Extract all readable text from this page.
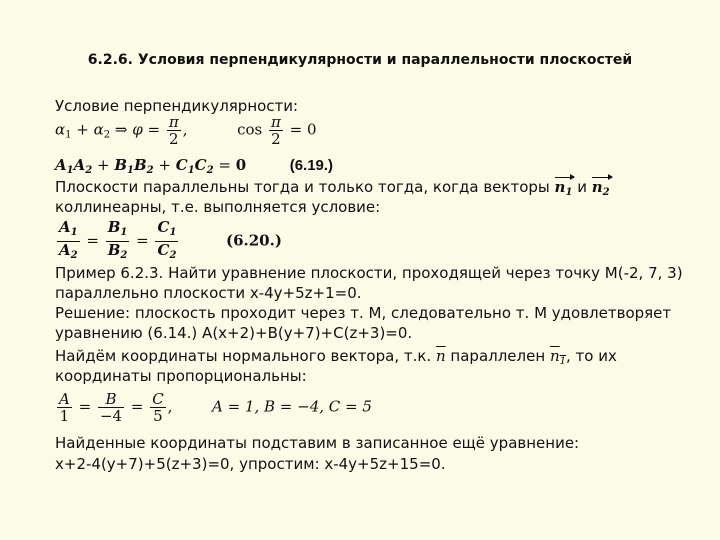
6.2.6. Условия перпендикулярности и параллельности плоскостей
Условие перпендикулярности:
$\alpha_1 + \alpha_2$ ⇒ $\varphi = \frac{\pi}{2}$ ,	$\cos \frac{\pi}{2} = 0$
$A_1A_2 + B_1B_2 + C_1C_2 = 0$	(6.19.)
Плоскости параллельны тогда и только тогда, когда векторы $n_1$ и $n_2$
коллинеарны, т.е. выполняется условие:
$\frac{A_1}{A_2} = \frac{B_1}{B_2} = \frac{C_1}{C_2}$	(6.20.)
Пример 6.2.3. Найти уравнение плоскости, проходящей через точку М(-2, 7, 3)
параллельно плоскости x-4y+5z+1=0.
Решение: плоскость проходит через т. М, следовательно т. М удовлетворяет
уравнению (6.14.) A(x+2)+B(y+7)+C(z+3)=0.
Найдём координаты нормального вектора, т.к. $\overline{n}$ параллелен $n_1$, то их
координаты пропорциональны:
$\frac{A}{1} = \frac{B}{-4} = \frac{C}{5}$ ,  A = 1, B = −4, C = 5
Найденные координаты подставим в записанное ещё уравнение:
x+2-4(y+7)+5(z+3)=0, упростим: x-4y+5z+15=0.
